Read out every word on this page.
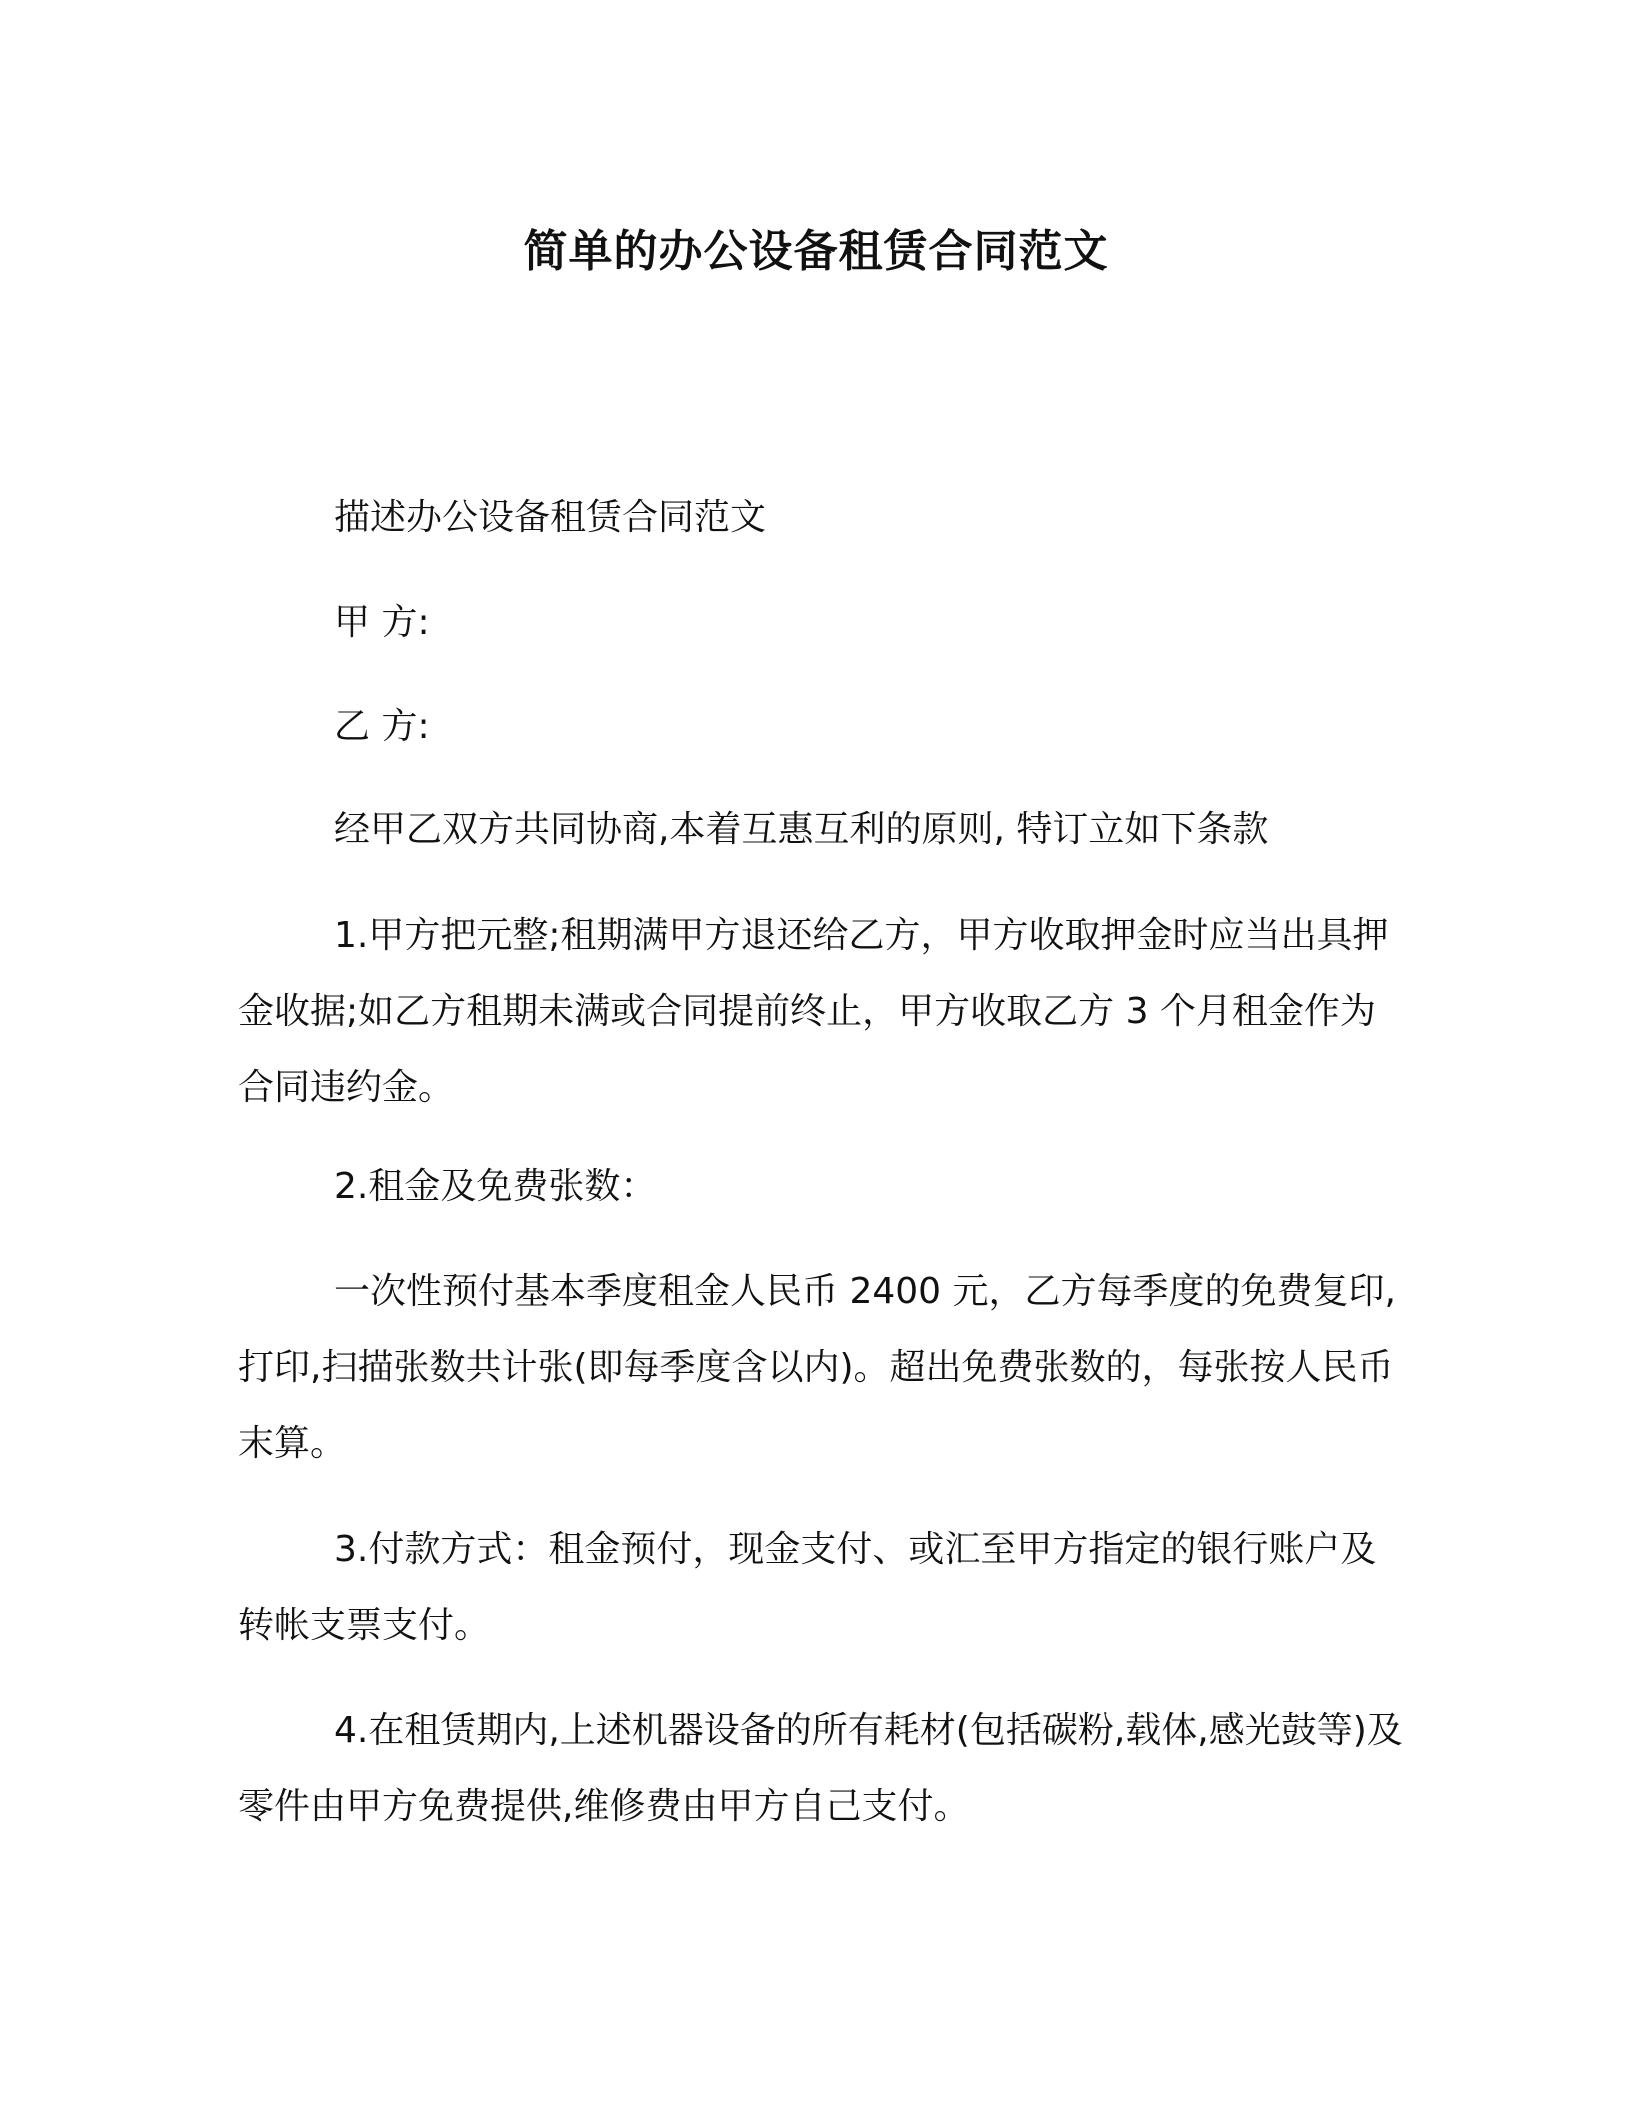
简单的办公设备租赁合同范文

描述办公设备租赁合同范文

甲 方:

乙 方:

经甲乙双方共同协商,本着互惠互利的原则, 特订立如下条款

1.甲方把元整;租期满甲方退还给乙方，甲方收取押金时应当出具押金收据;如乙方租期未满或合同提前终止，甲方收取乙方 3 个月租金作为合同违约金。

2.租金及免费张数：

一次性预付基本季度租金人民币 2400 元，乙方每季度的免费复印,打印,扫描张数共计张(即每季度含以内)。超出免费张数的，每张按人民币末算。

3.付款方式：租金预付，现金支付、或汇至甲方指定的银行账户及转帐支票支付。

4.在租赁期内,上述机器设备的所有耗材(包括碳粉,载体,感光鼓等)及零件由甲方免费提供,维修费由甲方自己支付。
